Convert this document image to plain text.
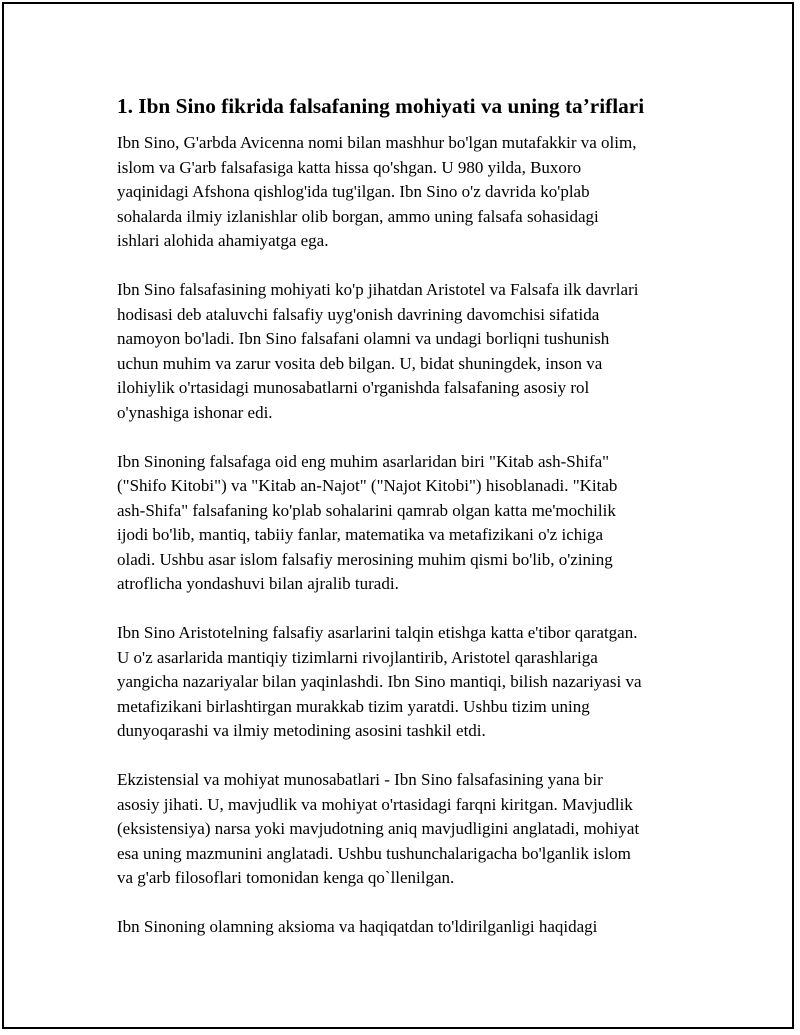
1. Ibn Sino fikrida falsafaning mohiyati va uning ta’riflari
Ibn Sino, G'arbda Avicenna nomi bilan mashhur bo'lgan mutafakkir va olim,
islom va G'arb falsafasiga katta hissa qo'shgan. U 980 yilda, Buxoro
yaqinidagi Afshona qishlog'ida tug'ilgan. Ibn Sino o'z davrida ko'plab
sohalarda ilmiy izlanishlar olib borgan, ammo uning falsafa sohasidagi
ishlari alohida ahamiyatga ega.
Ibn Sino falsafasining mohiyati ko'p jihatdan Aristotel va Falsafa ilk davrlari
hodisasi deb ataluvchi falsafiy uyg'onish davrining davomchisi sifatida
namoyon bo'ladi. Ibn Sino falsafani olamni va undagi borliqni tushunish
uchun muhim va zarur vosita deb bilgan. U, bidat shuningdek, inson va
ilohiylik o'rtasidagi munosabatlarni o'rganishda falsafaning asosiy rol
o'ynashiga ishonar edi.
Ibn Sinoning falsafaga oid eng muhim asarlaridan biri "Kitab ash-Shifa"
("Shifo Kitobi") va "Kitab an-Najot" ("Najot Kitobi") hisoblanadi. "Kitab
ash-Shifa" falsafaning ko'plab sohalarini qamrab olgan katta me'mochilik
ijodi bo'lib, mantiq, tabiiy fanlar, matematika va metafizikani o'z ichiga
oladi. Ushbu asar islom falsafiy merosining muhim qismi bo'lib, o'zining
atroflicha yondashuvi bilan ajralib turadi.
Ibn Sino Aristotelning falsafiy asarlarini talqin etishga katta e'tibor qaratgan.
U o'z asarlarida mantiqiy tizimlarni rivojlantirib, Aristotel qarashlariga
yangicha nazariyalar bilan yaqinlashdi. Ibn Sino mantiqi, bilish nazariyasi va
metafizikani birlashtirgan murakkab tizim yaratdi. Ushbu tizim uning
dunyoqarashi va ilmiy metodining asosini tashkil etdi.
Ekzistensial va mohiyat munosabatlari - Ibn Sino falsafasining yana bir
asosiy jihati. U, mavjudlik va mohiyat o'rtasidagi farqni kiritgan. Mavjudlik
(eksistensiya) narsa yoki mavjudotning aniq mavjudligini anglatadi, mohiyat
esa uning mazmunini anglatadi. Ushbu tushunchalarigacha bo'lganlik islom
va g'arb filosoflari tomonidan kenga qo`llenilgan.
Ibn Sinoning olamning aksioma va haqiqatdan to'ldirilganligi haqidagi
